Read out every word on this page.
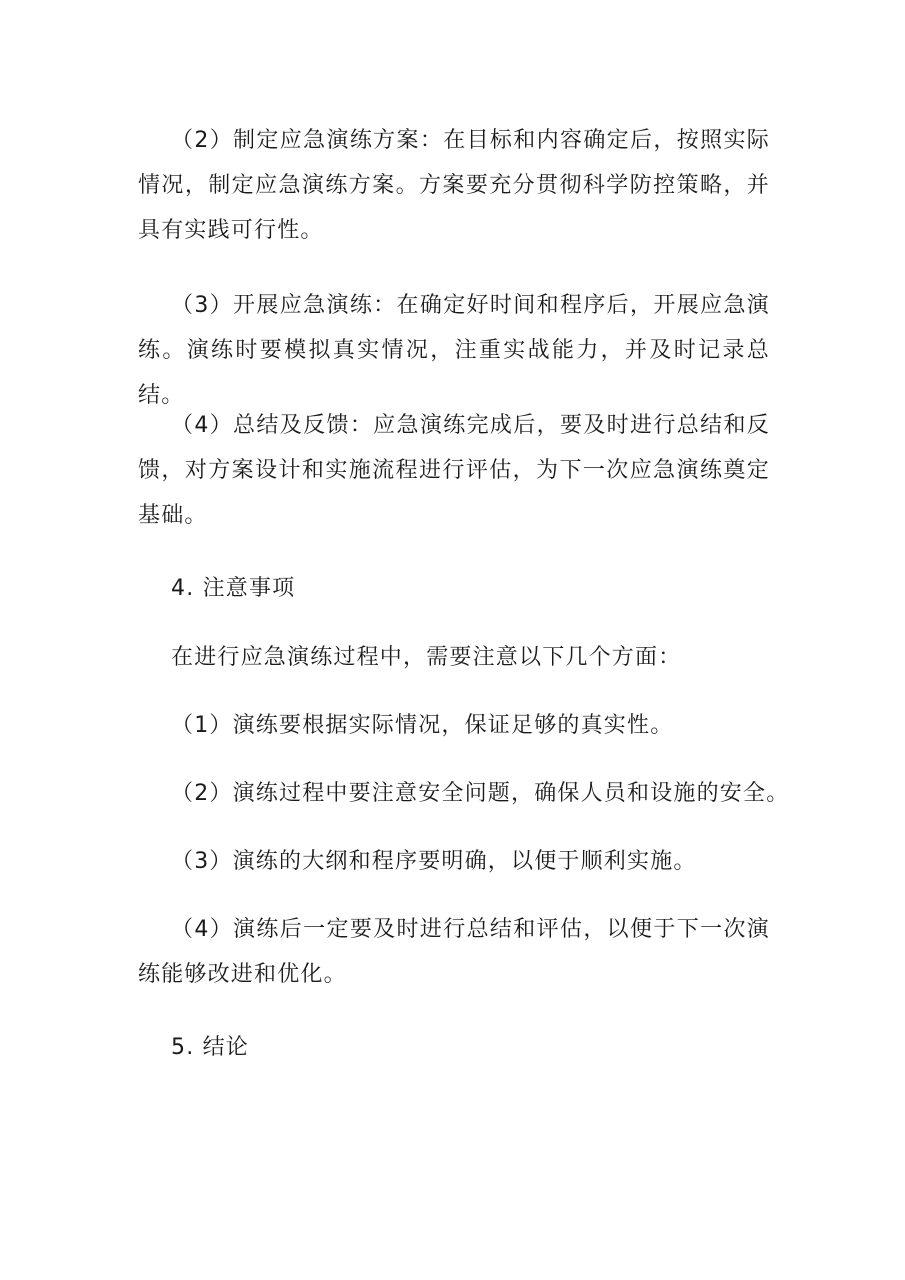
（2）制定应急演练方案：在目标和内容确定后，按照实际情况，制定应急演练方案。方案要充分贯彻科学防控策略，并具有实践可行性。

（3）开展应急演练：在确定好时间和程序后，开展应急演练。演练时要模拟真实情况，注重实战能力，并及时记录总结。

（4）总结及反馈：应急演练完成后，要及时进行总结和反馈，对方案设计和实施流程进行评估，为下一次应急演练奠定基础。

4. 注意事项

在进行应急演练过程中，需要注意以下几个方面：

（1）演练要根据实际情况，保证足够的真实性。

（2）演练过程中要注意安全问题，确保人员和设施的安全。

（3）演练的大纲和程序要明确，以便于顺利实施。

（4）演练后一定要及时进行总结和评估，以便于下一次演练能够改进和优化。

5. 结论
